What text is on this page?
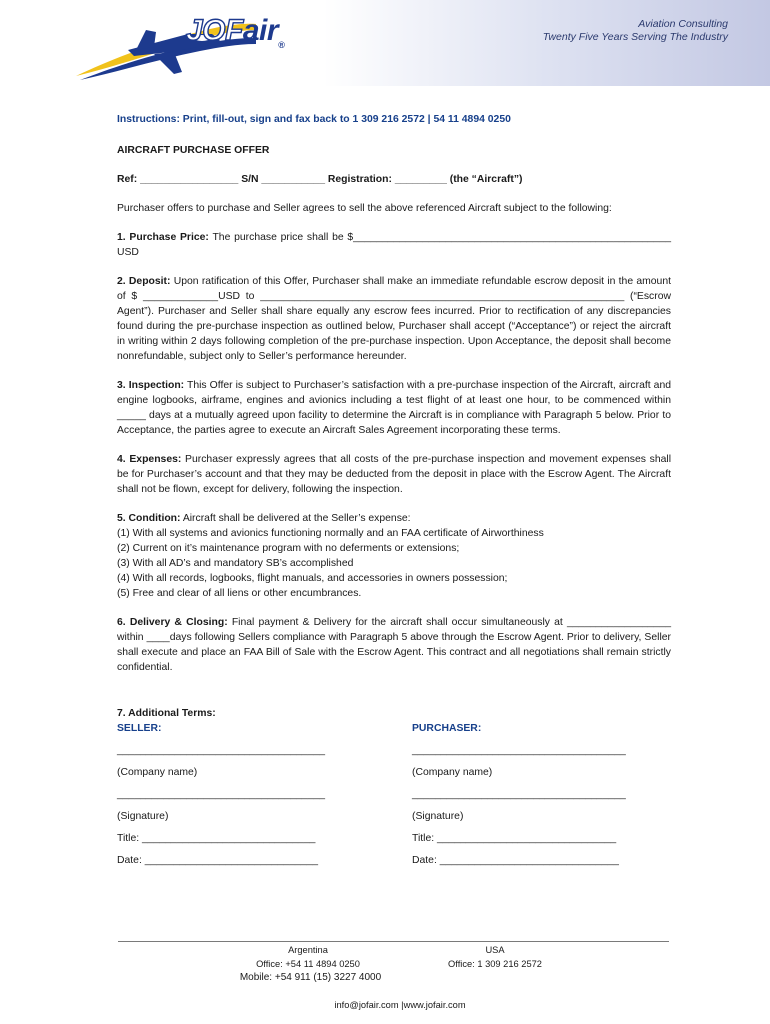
JOFair®
Aviation Consulting
Twenty Five Years Serving The Industry
Instructions: Print, fill-out, sign and fax back to 1 309 216 2572 | 54 11 4894 0250
AIRCRAFT PURCHASE OFFER
Ref: _________________ S/N ___________ Registration: _________ (the “Aircraft”)

Purchaser offers to purchase and Seller agrees to sell the above referenced Aircraft subject to the following:

1. Purchase Price: The purchase price shall be $_______________________________________________________ USD

2. Deposit: Upon ratification of this Offer, Purchaser shall make an immediate refundable escrow deposit in the amount of $ _____________USD to _______________________________________________________________ (“Escrow Agent”). Purchaser and Seller shall share equally any escrow fees incurred. Prior to rectification of any discrepancies found during the pre-purchase inspection as outlined below, Purchaser shall accept (“Acceptance”) or reject the aircraft in writing within 2 days following completion of the pre-purchase inspection. Upon Acceptance, the deposit shall become nonrefundable, subject only to Seller’s performance hereunder.

3. Inspection: This Offer is subject to Purchaser’s satisfaction with a pre-purchase inspection of the Aircraft, aircraft and engine logbooks, airframe, engines and avionics including a test flight of at least one hour, to be commenced within _____ days at a mutually agreed upon facility to determine the Aircraft is in compliance with Paragraph 5 below. Prior to Acceptance, the parties agree to execute an Aircraft Sales Agreement incorporating these terms.

4. Expenses: Purchaser expressly agrees that all costs of the pre-purchase inspection and movement expenses shall be for Purchaser’s account and that they may be deducted from the deposit in place with the Escrow Agent. The Aircraft shall not be flown, except for delivery, following the inspection.

5. Condition: Aircraft shall be delivered at the Seller’s expense:
(1) With all systems and avionics functioning normally and an FAA certificate of Airworthiness
(2) Current on it’s maintenance program with no deferments or extensions;
(3) With all AD’s and mandatory SB’s accomplished
(4) With all records, logbooks, flight manuals, and accessories in owners possession;
(5) Free and clear of all liens or other encumbrances.

6. Delivery & Closing: Final payment & Delivery for the aircraft shall occur simultaneously at __________________ within ____days following Sellers compliance with Paragraph 5 above through the Escrow Agent. Prior to delivery, Seller shall execute and place an FAA Bill of Sale with the Escrow Agent. This contract and all negotiations shall remain strictly confidential.

7. Additional Terms:
SELLER:
____________________________________
(Company name)
____________________________________
(Signature)
Title: ______________________________
Date: ______________________________
PURCHASER:
_____________________________________
(Company name)
_____________________________________
(Signature)
Title: _______________________________
Date: _______________________________
Argentina
Office: +54 11 4894 0250
Mobile: +54 911 (15) 3227 4000
USA
Office: 1 309 216 2572
info@jofair.com |www.jofair.com
